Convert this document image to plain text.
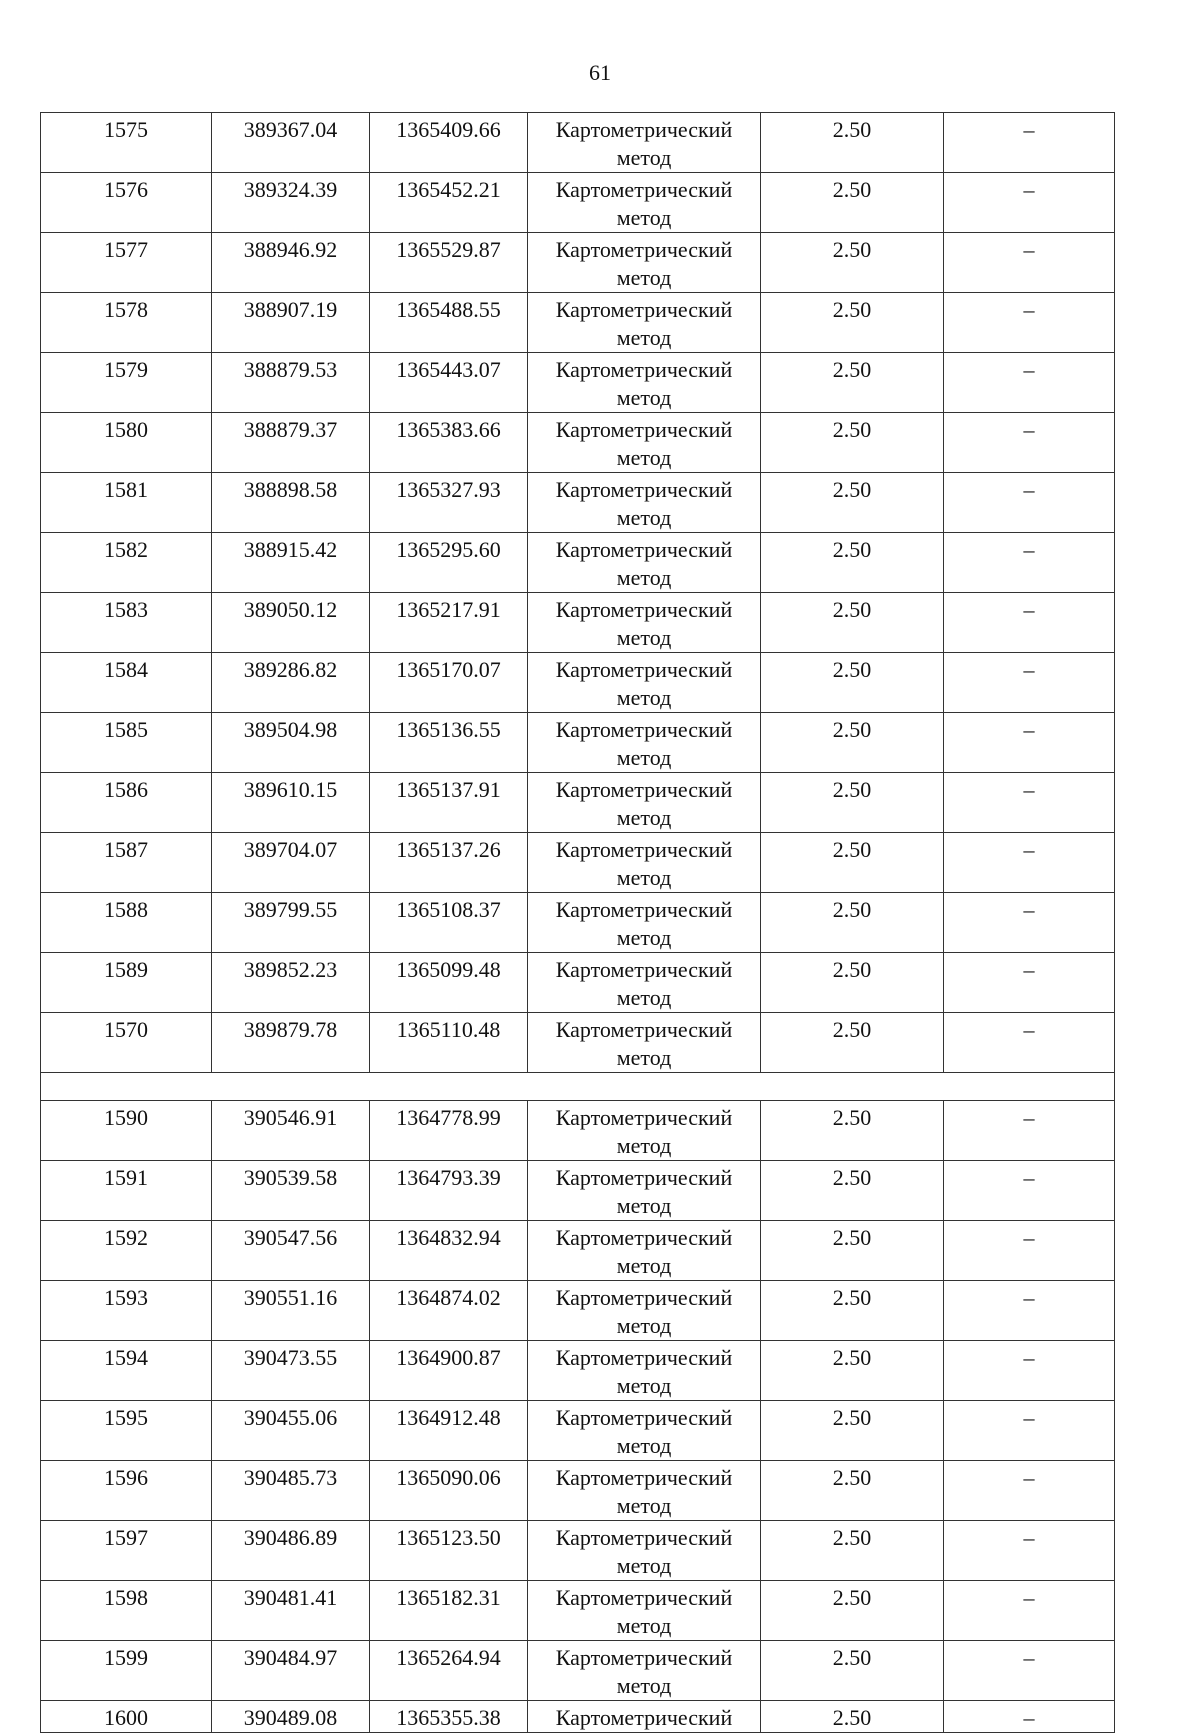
61
1575	389367.04	1365409.66	Картометрический метод	2.50	–
1576	389324.39	1365452.21	Картометрический метод	2.50	–
1577	388946.92	1365529.87	Картометрический метод	2.50	–
1578	388907.19	1365488.55	Картометрический метод	2.50	–
1579	388879.53	1365443.07	Картометрический метод	2.50	–
1580	388879.37	1365383.66	Картометрический метод	2.50	–
1581	388898.58	1365327.93	Картометрический метод	2.50	–
1582	388915.42	1365295.60	Картометрический метод	2.50	–
1583	389050.12	1365217.91	Картометрический метод	2.50	–
1584	389286.82	1365170.07	Картометрический метод	2.50	–
1585	389504.98	1365136.55	Картометрический метод	2.50	–
1586	389610.15	1365137.91	Картометрический метод	2.50	–
1587	389704.07	1365137.26	Картометрический метод	2.50	–
1588	389799.55	1365108.37	Картометрический метод	2.50	–
1589	389852.23	1365099.48	Картометрический метод	2.50	–
1570	389879.78	1365110.48	Картометрический метод	2.50	–

1590	390546.91	1364778.99	Картометрический метод	2.50	–
1591	390539.58	1364793.39	Картометрический метод	2.50	–
1592	390547.56	1364832.94	Картометрический метод	2.50	–
1593	390551.16	1364874.02	Картометрический метод	2.50	–
1594	390473.55	1364900.87	Картометрический метод	2.50	–
1595	390455.06	1364912.48	Картометрический метод	2.50	–
1596	390485.73	1365090.06	Картометрический метод	2.50	–
1597	390486.89	1365123.50	Картометрический метод	2.50	–
1598	390481.41	1365182.31	Картометрический метод	2.50	–
1599	390484.97	1365264.94	Картометрический метод	2.50	–
1600	390489.08	1365355.38	Картометрический	2.50	–
